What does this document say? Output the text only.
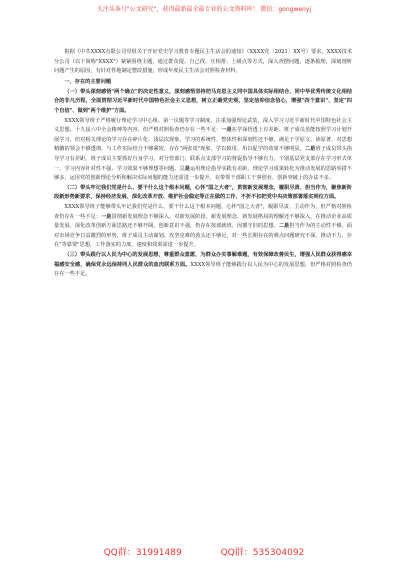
关注头条号"公文研究"，获得最新最全最专业的公文资料库！ 微信：gongwenyj

根据《中共XXXX有限公司党组关于开好党史学习教育专题民主生活会的通知》（XXXX党〔2021〕XX号）要求，XXXX技术分公司（以下简称"XXXX"）紧紧围绕主题，通过群众提、自己找、互相帮、上级点等方式，深入查摆问题，逐条梳理，深刻剖析问题产生的原因，有针对性地制定整改措施，形成年度民主生活会对照检查材料。

一、存在的主要问题

（一）带头深刻感悟"两个确立"的决定性意义，深刻感悟坚持把马克思主义同中国具体实际相结合、同中华优秀传统文化相结合的非凡历程，全面贯彻习近平新时代中国特色社会主义思想，树立正确党史观，坚定信仰信念信心，增强"四个意识"、坚定"四个自信"、做到"两个维护"方面。

XXXX领导班子严格履行理论学习中心组、第一议题等学习制度，注重加强理论武装，深入学习习近平新时代中国特色社会主义思想、十九届六中全会精神等内容，但严格对照检查仍存在一些不足：一是在学深悟透上有差距。班子成员虽能按照学习计划开展学习，但对相关理论的学习存在碎片化、浅层次现象，学习的系统性、整体性和深刻性还不够，满足于学原文、读原著，对思想精髓的领会不够透彻，与工作实际结合不够紧密，存在"两张皮"现象，学以致用、用以促学的效果不够明显。二是班子成员带头指导学习有差距。班子成员主要抓好自身学习，对分管部门、联系点支部学习的督促指导不够有力，个别基层党支部存在学习形式单一、学习内容针对性不强、学习效果不够理想等问题。三是运用理论指导实践有差距。理论学习成果转化为推动发展的思路举措不够多，运用党的创新理论分析和解决实际问题的能力还需进一步提升，在带领干部职工干事创业、创新突破上的办法不多。

（二）带头牢记我们党是什么、要干什么这个根本问题，心怀"国之大者"，贯彻新发展理念，履职尽责、担当作为，聚焦新阶段新形势新要求，保持经济发展、深化改革开放、维护社会稳定等正在做的工作，不折不扣把党中央决策部署落实到位方面。

XXXX领导班子能够带头牢记我们党是什么、要干什么这个根本问题，心怀"国之大者"，履职尽责、主动作为，但严格对照检查仍存在一些不足：一是贯彻新发展理念不够深入。对新发展阶段、新发展理念、新发展格局的理解还不够深入，在推动企业高质量发展、深化改革创新方面思路还不够开阔，创新意识不强，仍存在按部就班、因循守旧的思想。二是担当作为的主动性不够。面对市场竞争日益激烈的形势，班子成员主动谋划、攻坚克难的劲头还不够足，对一些长期存在的难点问题研究不深、推动不力，存在"等靠要"思想，工作落实的力度、速度和效果需进一步提升。

（三）带头践行以人民为中心的发展思想，尊重群众意愿，为群众办实事解难题，有效保障改善民生，增强人民群众获得感幸福感安全感，确保党永远保持同人民群众的血肉联系方面。XXXX领导班子能够践行以人民为中心的发展思想，但严格对照检查仍存在一些不足。

QQ群：31991489	QQ群：535304092
